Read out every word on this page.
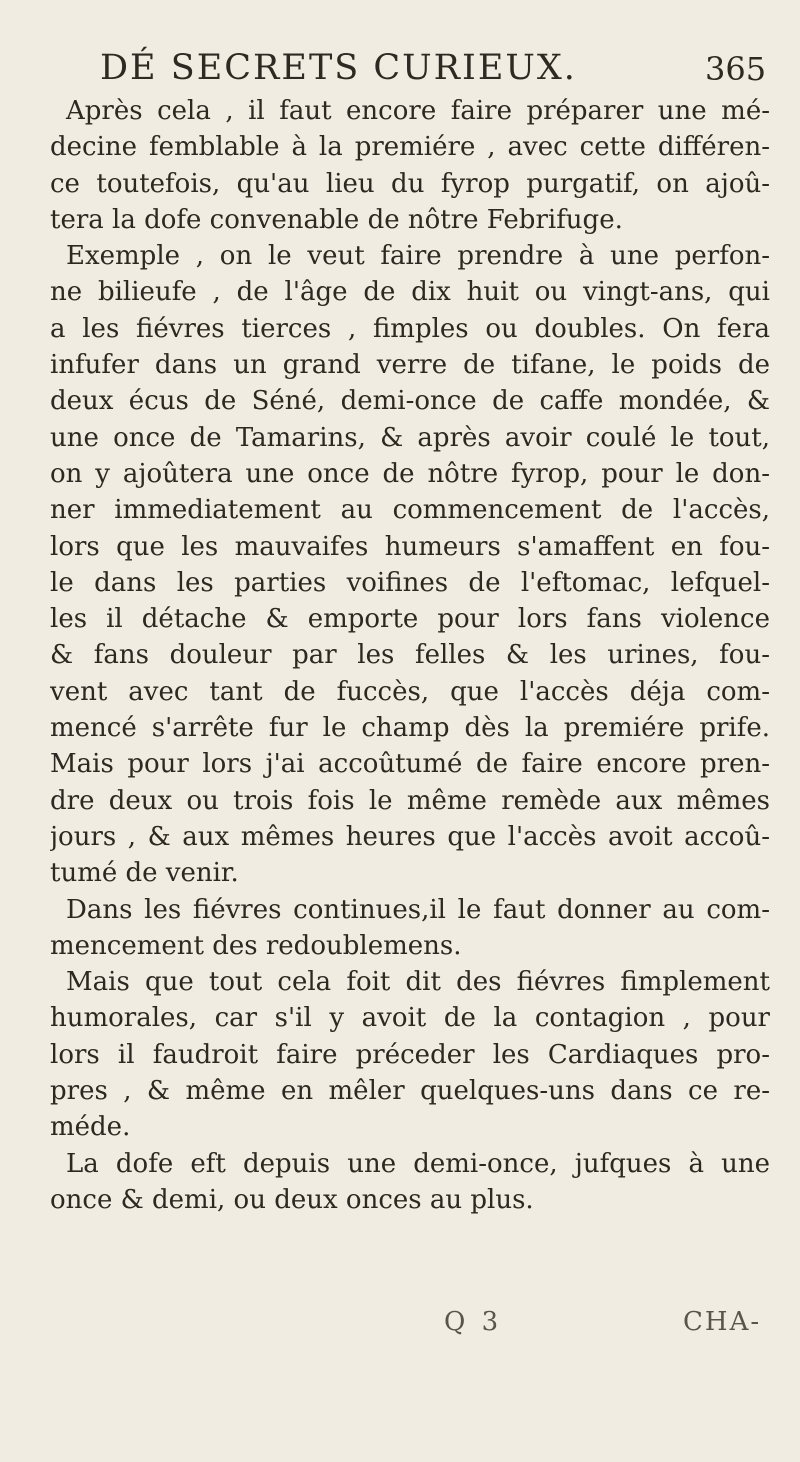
DÉ SECRETS CURIEUX.	365
Après cela , il faut encore faire préparer une mé-
decine femblable à la premiére , avec cette différen-
ce toutefois, qu'au lieu du fyrop purgatif, on ajoû-
tera la dofe convenable de nôtre Febrifuge.
Exemple , on le veut faire prendre à une perfon-
ne bilieufe , de l'âge de dix huit ou vingt-ans, qui
a les fiévres tierces , fimples ou doubles. On fera
infufer dans un grand verre de tifane, le poids de
deux écus de Séné, demi-once de caffe mondée, &
une once de Tamarins, & après avoir coulé le tout,
on y ajoûtera une once de nôtre fyrop, pour le don-
ner immediatement au commencement de l'accès,
lors que les mauvaifes humeurs s'amaffent en fou-
le dans les parties voifines de l'eftomac, lefquel-
les il détache & emporte pour lors fans violence
& fans douleur par les felles & les urines, fou-
vent avec tant de fuccès, que l'accès déja com-
mencé s'arrête fur le champ dès la premiére prife.
Mais pour lors j'ai accoûtumé de faire encore pren-
dre deux ou trois fois le même remède aux mêmes
jours , & aux mêmes heures que l'accès avoit accoû-
tumé de venir.
Dans les fiévres continues,il le faut donner au com-
mencement des redoublemens.
Mais que tout cela foit dit des fiévres fimplement
humorales, car s'il y avoit de la contagion , pour
lors il faudroit faire préceder les Cardiaques pro-
pres , & même en mêler quelques-uns dans ce re-
méde.
La dofe eft depuis une demi-once, jufques à une
once & demi, ou deux onces au plus.
Q 3	CHA-
